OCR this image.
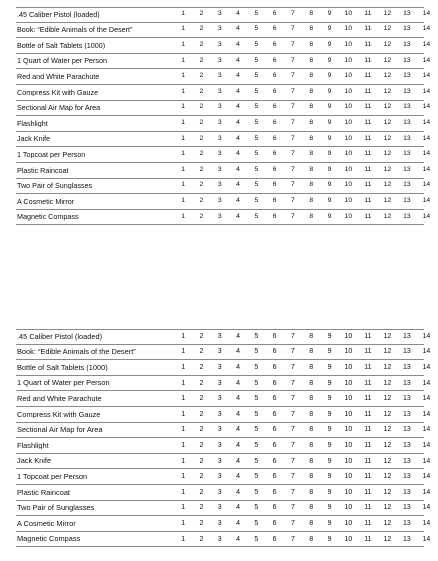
.45 Caliber Pistol (loaded)	1	2	3	4	5	6	7	8	9	10	11	12	13	14
Book: “Edible Animals of the Desert”	1	2	3	4	5	6	7	8	9	10	11	12	13	14
Bottle of Salt Tablets (1000)	1	2	3	4	5	6	7	8	9	10	11	12	13	14
1 Quart of Water per Person	1	2	3	4	5	6	7	8	9	10	11	12	13	14
Red and White Parachute	1	2	3	4	5	6	7	8	9	10	11	12	13	14
Compress Kit with Gauze	1	2	3	4	5	6	7	8	9	10	11	12	13	14
Sectional Air Map for Area	1	2	3	4	5	6	7	8	9	10	11	12	13	14
Flashlight	1	2	3	4	5	6	7	8	9	10	11	12	13	14
Jack Knife	1	2	3	4	5	6	7	8	9	10	11	12	13	14
1 Topcoat per Person	1	2	3	4	5	6	7	8	9	10	11	12	13	14
Plastic Raincoat	1	2	3	4	5	6	7	8	9	10	11	12	13	14
Two Pair of Sunglasses	1	2	3	4	5	6	7	8	9	10	11	12	13	14
A Cosmetic Mirror	1	2	3	4	5	6	7	8	9	10	11	12	13	14
Magnetic Compass	1	2	3	4	5	6	7	8	9	10	11	12	13	14
.45 Caliber Pistol (loaded)	1	2	3	4	5	6	7	8	9	10	11	12	13	14
Book: “Edible Animals of the Desert”	1	2	3	4	5	6	7	8	9	10	11	12	13	14
Bottle of Salt Tablets (1000)	1	2	3	4	5	6	7	8	9	10	11	12	13	14
1 Quart of Water per Person	1	2	3	4	5	6	7	8	9	10	11	12	13	14
Red and White Parachute	1	2	3	4	5	6	7	8	9	10	11	12	13	14
Compress Kit with Gauze	1	2	3	4	5	6	7	8	9	10	11	12	13	14
Sectional Air Map for Area	1	2	3	4	5	6	7	8	9	10	11	12	13	14
Flashlight	1	2	3	4	5	6	7	8	9	10	11	12	13	14
Jack Knife	1	2	3	4	5	6	7	8	9	10	11	12	13	14
1 Topcoat per Person	1	2	3	4	5	6	7	8	9	10	11	12	13	14
Plastic Raincoat	1	2	3	4	5	6	7	8	9	10	11	12	13	14
Two Pair of Sunglasses	1	2	3	4	5	6	7	8	9	10	11	12	13	14
A Cosmetic Mirror	1	2	3	4	5	6	7	8	9	10	11	12	13	14
Magnetic Compass	1	2	3	4	5	6	7	8	9	10	11	12	13	14
